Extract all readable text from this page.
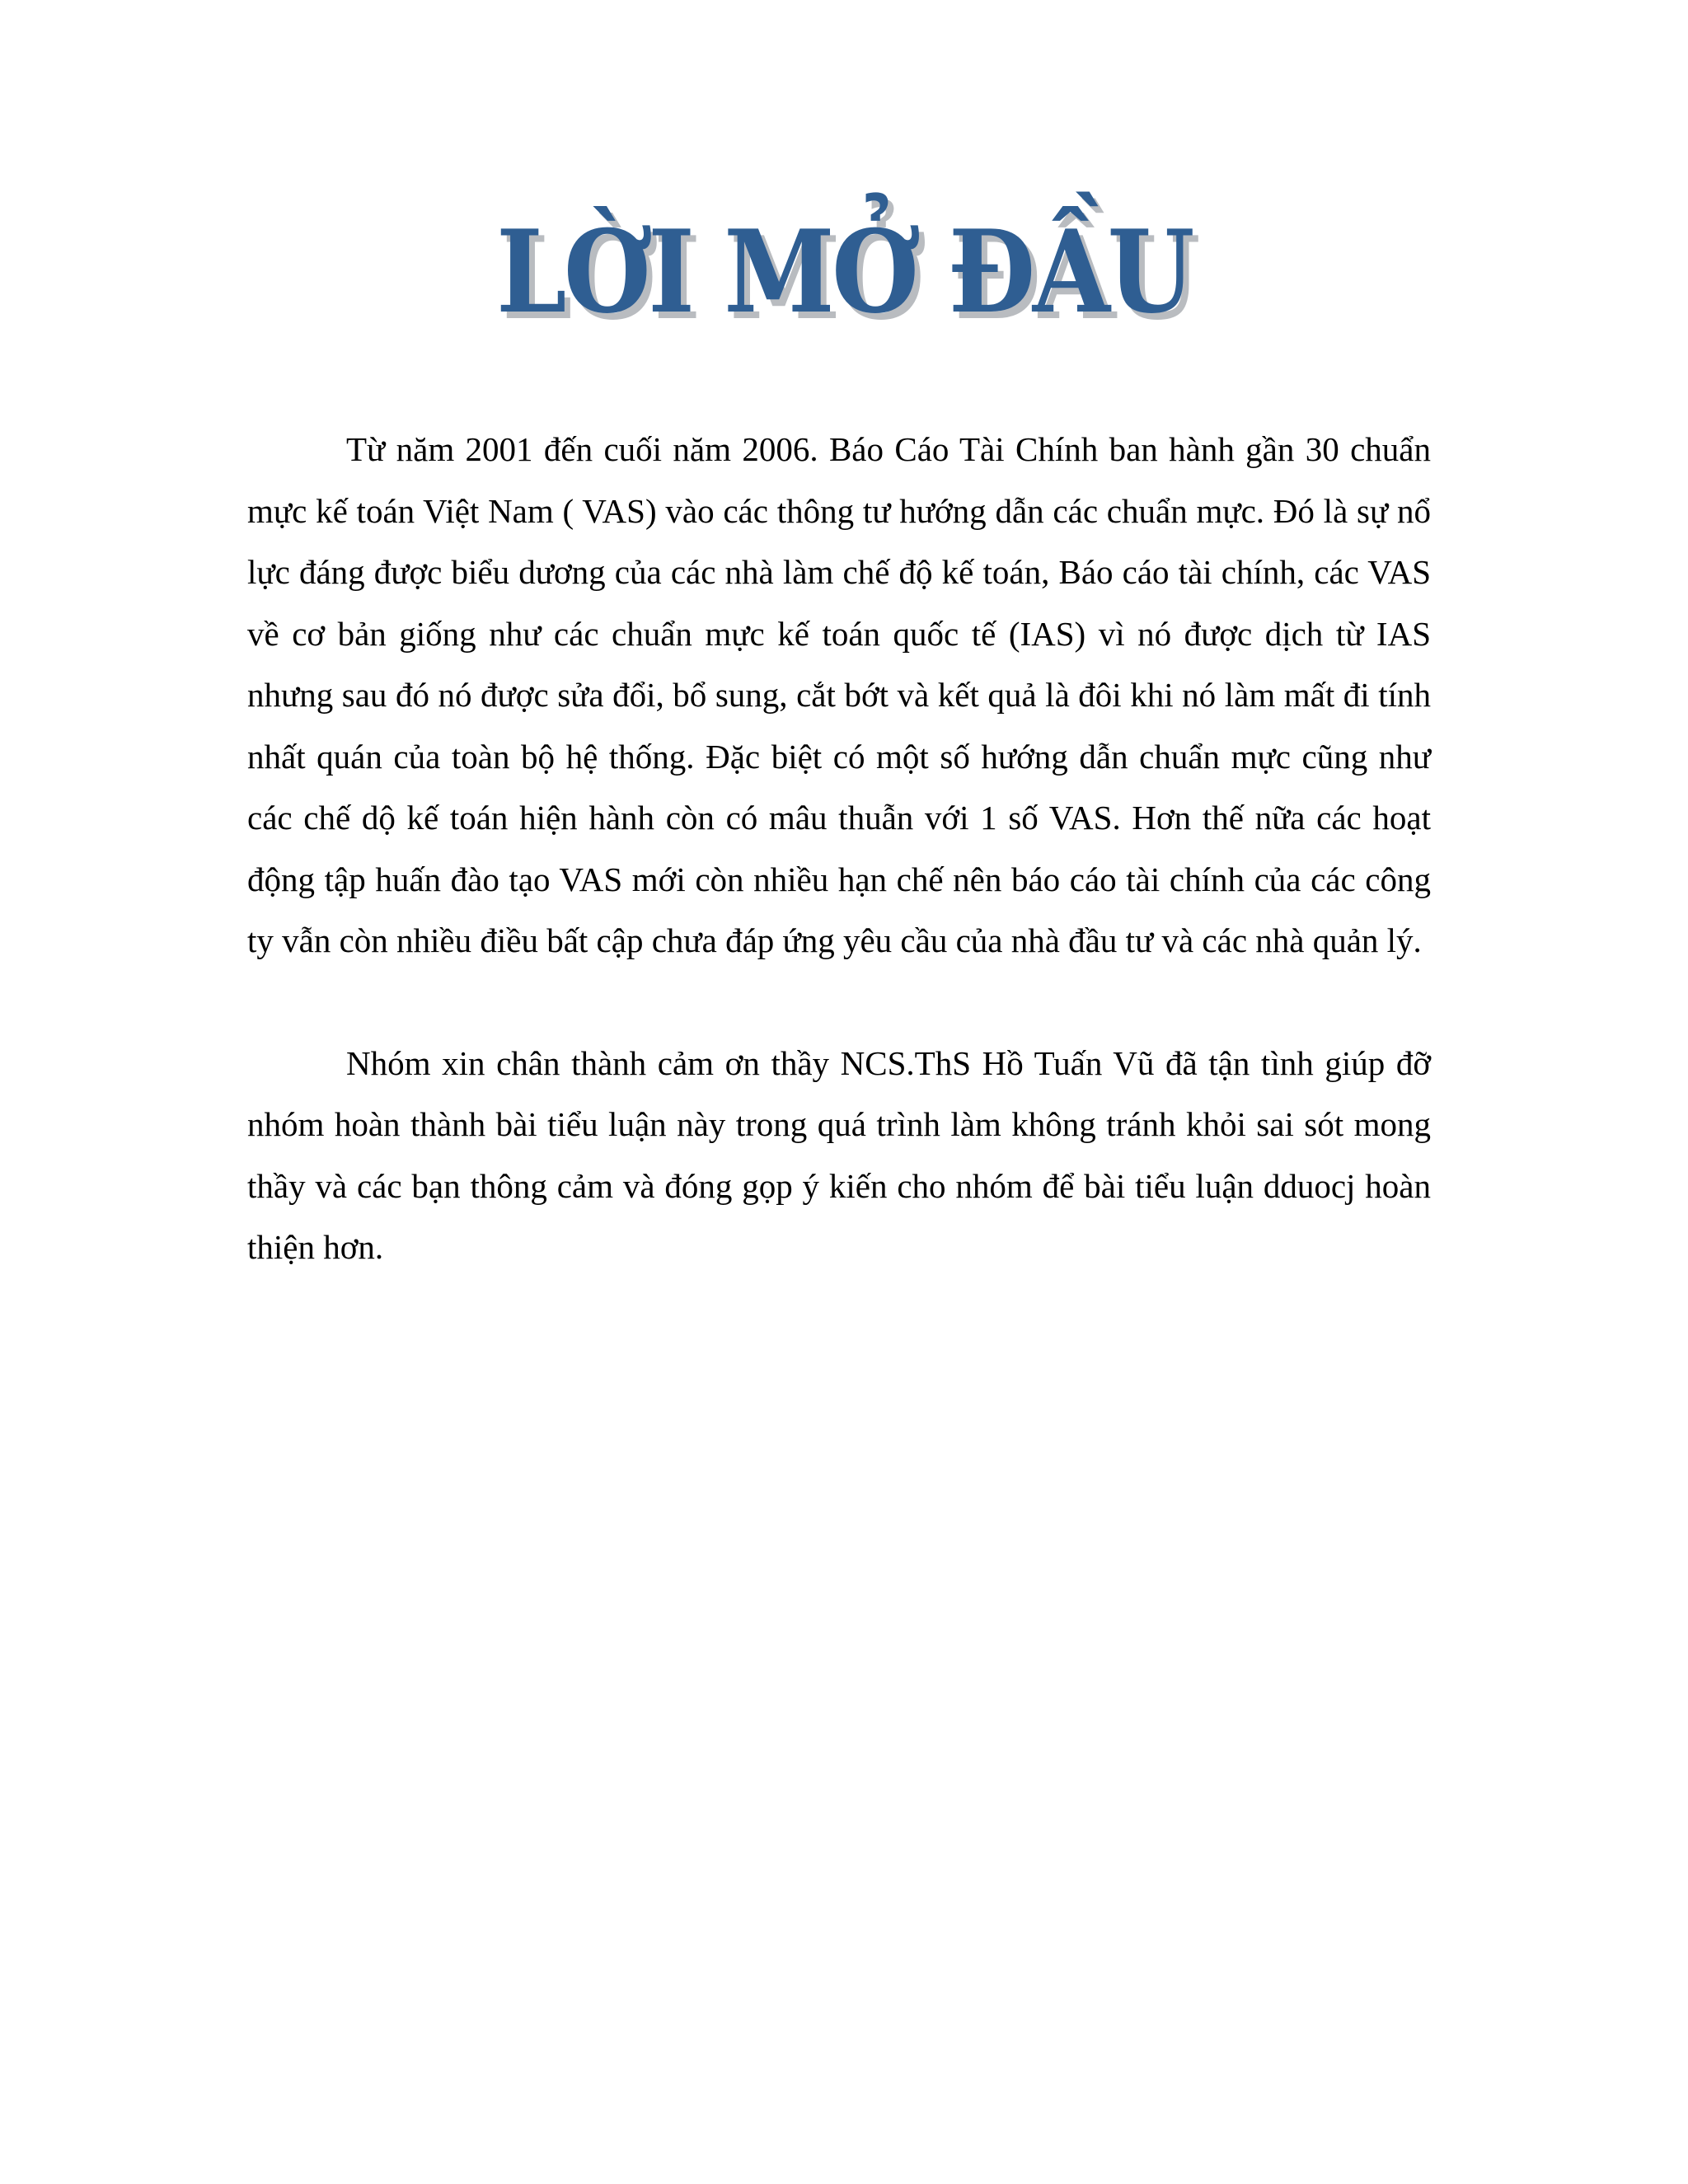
LỜI MỞ ĐẦU

Từ năm 2001 đến cuối năm 2006. Báo Cáo Tài Chính ban hành gần 30 chuẩn mực kế toán Việt Nam ( VAS) vào các thông tư hướng dẫn các chuẩn mực. Đó là sự nổ lực đáng được biểu dương của các nhà làm chế độ kế toán, Báo cáo tài chính, các VAS về cơ bản giống như các chuẩn mực kế toán quốc tế (IAS) vì nó được dịch từ IAS nhưng sau đó nó được sửa đổi, bổ sung, cắt bớt và kết quả là đôi khi nó làm mất đi tính nhất quán của toàn bộ hệ thống. Đặc biệt có một số hướng dẫn chuẩn mực cũng như các chế dộ kế toán hiện hành còn có mâu thuẫn với 1 số VAS. Hơn thế nữa các hoạt động tập huấn đào tạo VAS mới còn nhiều hạn chế nên báo cáo tài chính của các công ty vẫn còn nhiều điều bất cập chưa đáp ứng yêu cầu của nhà đầu tư và các nhà quản lý.

Nhóm xin chân thành cảm ơn thầy NCS.ThS Hồ Tuấn Vũ đã tận tình giúp đỡ nhóm hoàn thành bài tiểu luận này trong quá trình làm không tránh khỏi sai sót mong thầy và các bạn thông cảm và đóng gọp ý kiến cho nhóm để bài tiểu luận dduocj hoàn thiện hơn.
